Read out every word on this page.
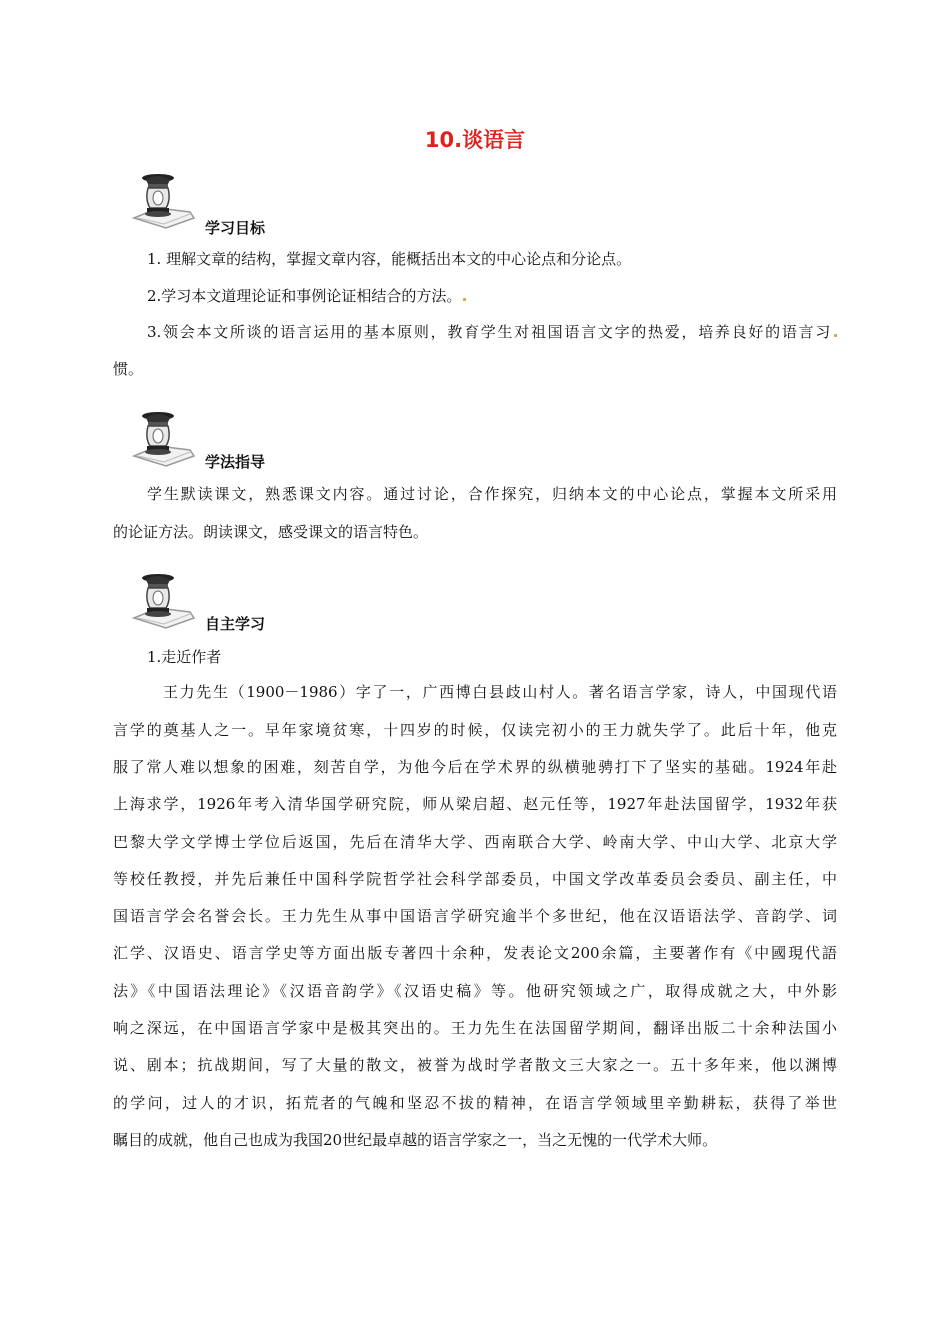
10.谈语言
学习目标
1. 理解文章的结构，掌握文章内容，能概括出本文的中心论点和分论点。
2.学习本文道理论证和事例论证相结合的方法。
3.领会本文所谈的语言运用的基本原则，教育学生对祖国语言文字的热爱，培养良好的语言习
惯。
学法指导
学生默读课文，熟悉课文内容。通过讨论，合作探究，归纳本文的中心论点，掌握本文所采用
的论证方法。朗读课文，感受课文的语言特色。
自主学习
1.走近作者
王力先生（1900－1986）字了一，广西博白县歧山村人。著名语言学家，诗人，中国现代语
言学的奠基人之一。早年家境贫寒，十四岁的时候，仅读完初小的王力就失学了。此后十年，他克
服了常人难以想象的困难，刻苦自学，为他今后在学术界的纵横驰骋打下了坚实的基础。1924年赴
上海求学，1926年考入清华国学研究院，师从梁启超、赵元任等，1927年赴法国留学，1932年获
巴黎大学文学博士学位后返国，先后在清华大学、西南联合大学、岭南大学、中山大学、北京大学
等校任教授，并先后兼任中国科学院哲学社会科学部委员，中国文学改革委员会委员、副主任，中
国语言学会名誉会长。王力先生从事中国语言学研究逾半个多世纪，他在汉语语法学、音韵学、词
汇学、汉语史、语言学史等方面出版专著四十余种，发表论文200余篇，主要著作有《中國現代語
法》《中国语法理论》《汉语音韵学》《汉语史稿》等。他研究领域之广，取得成就之大，中外影
响之深远，在中国语言学家中是极其突出的。王力先生在法国留学期间，翻译出版二十余种法国小
说、剧本；抗战期间，写了大量的散文，被誉为战时学者散文三大家之一。五十多年来，他以渊博
的学问，过人的才识，拓荒者的气魄和坚忍不拔的精神，在语言学领域里辛勤耕耘，获得了举世
瞩目的成就，他自己也成为我国20世纪最卓越的语言学家之一，当之无愧的一代学术大师。
